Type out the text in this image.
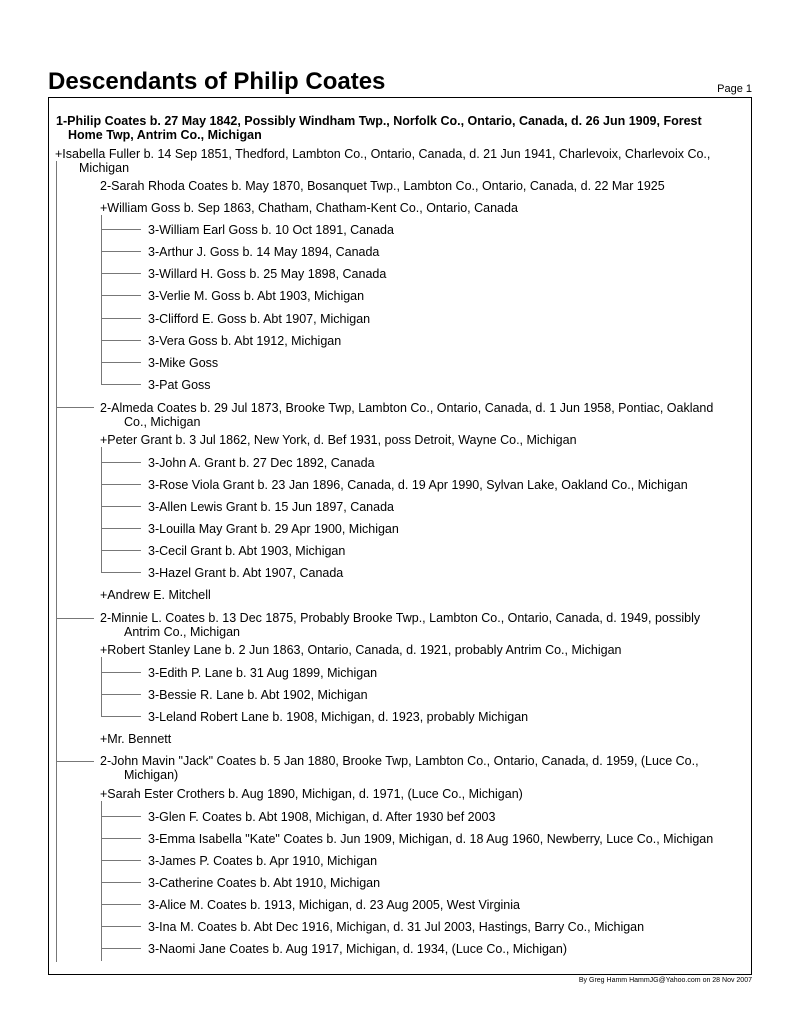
Descendants of Philip Coates	Page 1
1-Philip Coates b. 27 May 1842, Possibly Windham Twp., Norfolk Co., Ontario, Canada, d. 26 Jun 1909, Forest
Home Twp, Antrim Co., Michigan
+Isabella Fuller b. 14 Sep 1851, Thedford, Lambton Co., Ontario, Canada, d. 21 Jun 1941, Charlevoix, Charlevoix Co.,
Michigan
2-Sarah Rhoda Coates b. May 1870, Bosanquet Twp., Lambton Co., Ontario, Canada, d. 22 Mar 1925
+William Goss b. Sep 1863, Chatham, Chatham-Kent Co., Ontario, Canada
3-William Earl Goss b. 10 Oct 1891, Canada
3-Arthur J. Goss b. 14 May 1894, Canada
3-Willard H. Goss b. 25 May 1898, Canada
3-Verlie M. Goss b. Abt 1903, Michigan
3-Clifford E. Goss b. Abt 1907, Michigan
3-Vera Goss b. Abt 1912, Michigan
3-Mike Goss
3-Pat Goss
2-Almeda Coates b. 29 Jul 1873, Brooke Twp, Lambton Co., Ontario, Canada, d. 1 Jun 1958, Pontiac, Oakland
Co., Michigan
+Peter Grant b. 3 Jul 1862, New York, d. Bef 1931, poss Detroit, Wayne Co., Michigan
3-John A. Grant b. 27 Dec 1892, Canada
3-Rose Viola Grant b. 23 Jan 1896, Canada, d. 19 Apr 1990, Sylvan Lake, Oakland Co., Michigan
3-Allen Lewis Grant b. 15 Jun 1897, Canada
3-Louilla May Grant b. 29 Apr 1900, Michigan
3-Cecil Grant b. Abt 1903, Michigan
3-Hazel Grant b. Abt 1907, Canada
+Andrew E. Mitchell
2-Minnie L. Coates b. 13 Dec 1875, Probably Brooke Twp., Lambton Co., Ontario, Canada, d. 1949, possibly
Antrim Co., Michigan
+Robert Stanley Lane b. 2 Jun 1863, Ontario, Canada, d. 1921, probably Antrim Co., Michigan
3-Edith P. Lane b. 31 Aug 1899, Michigan
3-Bessie R. Lane b. Abt 1902, Michigan
3-Leland Robert Lane b. 1908, Michigan, d. 1923, probably Michigan
+Mr. Bennett
2-John Mavin "Jack" Coates b. 5 Jan 1880, Brooke Twp, Lambton Co., Ontario, Canada, d. 1959, (Luce Co.,
Michigan)
+Sarah Ester Crothers b. Aug 1890, Michigan, d. 1971, (Luce Co., Michigan)
3-Glen F. Coates b. Abt 1908, Michigan, d. After 1930 bef 2003
3-Emma Isabella "Kate" Coates b. Jun 1909, Michigan, d. 18 Aug 1960, Newberry, Luce Co., Michigan
3-James P. Coates b. Apr 1910, Michigan
3-Catherine Coates b. Abt 1910, Michigan
3-Alice M. Coates b. 1913, Michigan, d. 23 Aug 2005, West Virginia
3-Ina M. Coates b. Abt Dec 1916, Michigan, d. 31 Jul 2003, Hastings, Barry Co., Michigan
3-Naomi Jane Coates b. Aug 1917, Michigan, d. 1934, (Luce Co., Michigan)
By Greg Hamm HammJG@Yahoo.com on 28 Nov 2007
